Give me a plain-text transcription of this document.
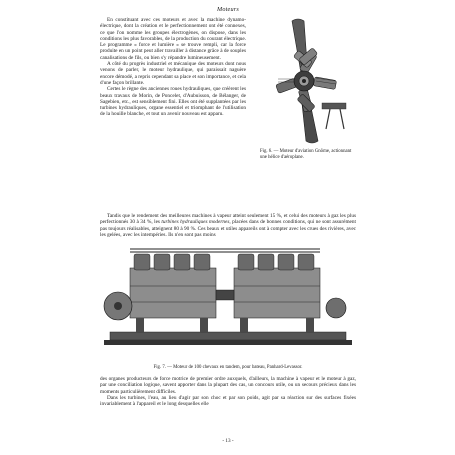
Moteurs

En constituant avec ces moteurs et avec la machine dynamo-électrique, dont la création et le perfectionnement ont été connexes, ce que l'on nomme les groupes électrogènes, on dispose, dans les conditions les plus favorables, de la production du courant électrique. Le programme « force et lumière » se trouve rempli, car la force produite en un point peut aller travailler à distance grâce à de souples canalisations de fils, ou bien s'y répandre lumineusement.

A côté du progrès industriel et mécanique des moteurs dont nous venons de parler, le moteur hydraulique, qui paraissait naguère encore démodé, a repris cependant sa place et son importance, et cela d'une façon brillante.

Certes le règne des anciennes roues hydrauliques, que créèrent les beaux travaux de Morin, de Poncelet, d'Aubuisson, de Bélanger, de Sagebien, etc., est sensiblement fini. Elles ont été supplantées par les turbines hydrauliques, organe essentiel et triomphant de l'utilisation de la houille blanche, et tout un avenir nouveau est apparu.

Fig. 6. — Moteur d'aviation Gnôme, actionnant une hélice d'aéroplane.

Tandis que le rendement des meilleures machines à vapeur atteint seulement 15 %, et celui des moteurs à gaz les plus perfectionnés 30 à 34 %, les turbines hydrauliques modernes, placées dans de bonnes conditions, qui ne sont assurément pas toujours réalisables, atteignent 80 à 90 %. Ces beaux et utiles appareils ont à compter avec les crues des rivières, avec les gelées, avec les intempéries. Ils n'en sont pas moins

Fig. 7. — Moteur de 100 chevaux en tandem, pour bateau, Panhard-Levassor.

des organes producteurs de force motrice de premier ordre auxquels, d'ailleurs, la machine à vapeur et le moteur à gaz, par une conciliation logique, savent apporter dans la plupart des cas, un concours utile, ou un secours précieux dans les moments particulièrement difficiles.

Dans les turbines, l'eau, au lieu d'agir par son choc et par son poids, agit par sa réaction sur des surfaces fixées invariablement à l'appareil et le long desquelles elle

- 13 -
